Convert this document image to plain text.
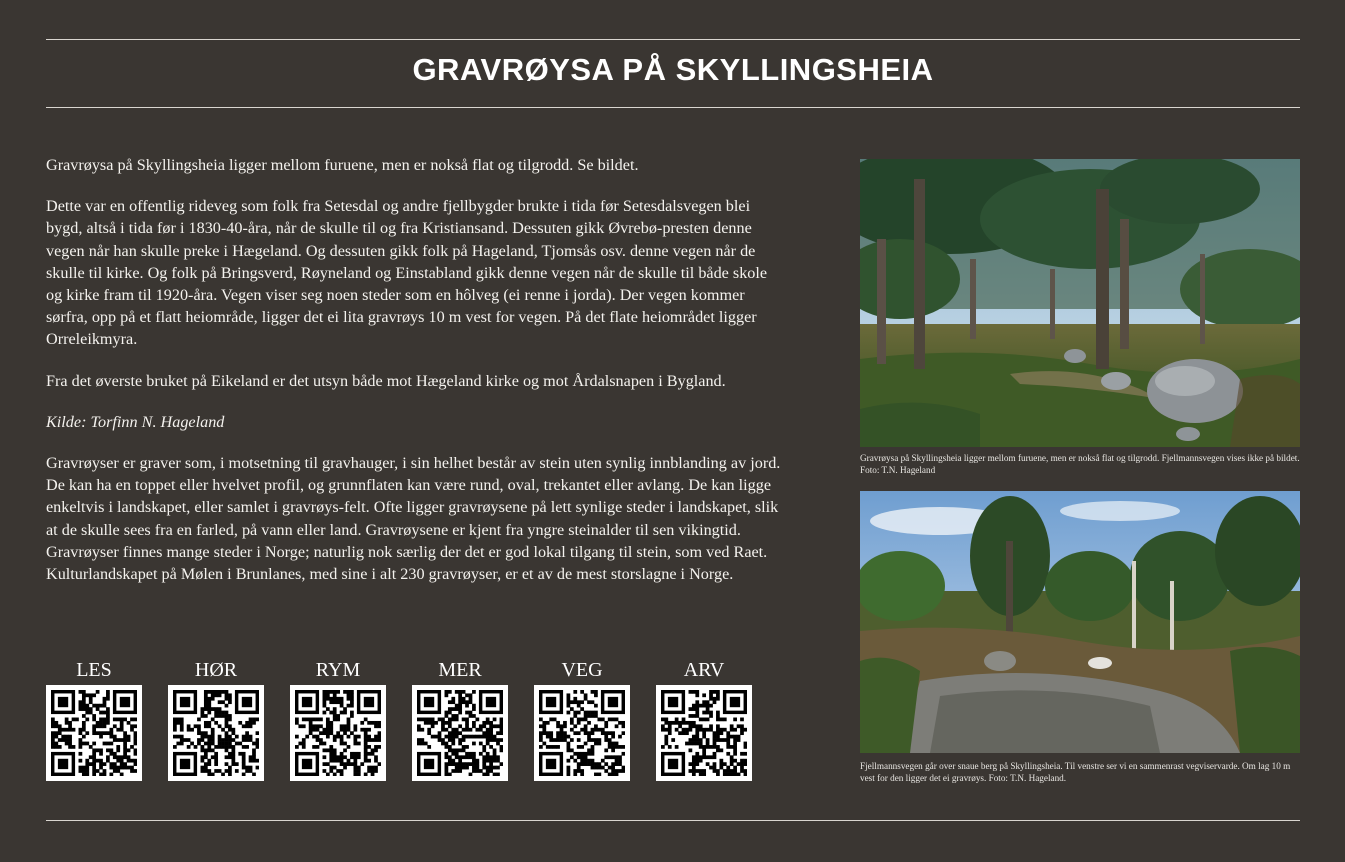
GRAVRØYSA PÅ SKYLLINGSHEIA

Gravrøysa på Skyllingsheia ligger mellom furuene, men er nokså flat og tilgrodd. Se bildet.

Dette var en offentlig rideveg som folk fra Setesdal og andre fjellbygder brukte i tida før Setesdalsvegen blei bygd, altså i tida før i 1830-40-åra, når de skulle til og fra Kristiansand. Dessuten gikk Øvrebø-presten denne vegen når han skulle preke i Hægeland. Og dessuten gikk folk på Hageland, Tjomsås osv. denne vegen når de skulle til kirke. Og folk på Bringsverd, Røyneland og Einstabland gikk denne vegen når de skulle til både skole og kirke fram til 1920-åra. Vegen viser seg noen steder som en hôlveg (ei renne i jorda). Der vegen kommer sørfra, opp på et flatt heiområde, ligger det ei lita gravrøys 10 m vest for vegen. På det flate heiområdet ligger Orreleikmyra.

Fra det øverste bruket på Eikeland er det utsyn både mot Hægeland kirke og mot Årdalsnapen i Bygland.

Kilde: Torfinn N. Hageland

Gravrøyser er graver som, i motsetning til gravhauger, i sin helhet består av stein uten synlig innblanding av jord. De kan ha en toppet eller hvelvet profil, og grunnflaten kan være rund, oval, trekantet eller avlang. De kan ligge enkeltvis i landskapet, eller samlet i gravrøys-felt. Ofte ligger gravrøysene på lett synlige steder i landskapet, slik at de skulle sees fra en farled, på vann eller land. Gravrøysene er kjent fra yngre steinalder til sen vikingtid. Gravrøyser finnes mange steder i Norge; naturlig nok særlig der det er god lokal tilgang til stein, som ved Raet. Kulturlandskapet på Mølen i Brunlanes, med sine i alt 230 gravrøyser, er et av de mest storslagne i Norge.

LES	HØR	RYM	MER	VEG	ARV
Gravrøysa på Skyllingsheia ligger mellom furuene, men er nokså flat og tilgrodd. Fjellmannsvegen vises ikke på bildet. Foto: T.N. Hageland
Fjellmannsvegen går over snaue berg på Skyllingsheia. Til venstre ser vi en sammenrast vegviservarde. Om lag 10 m vest for den ligger det ei gravrøys. Foto: T.N. Hageland.
